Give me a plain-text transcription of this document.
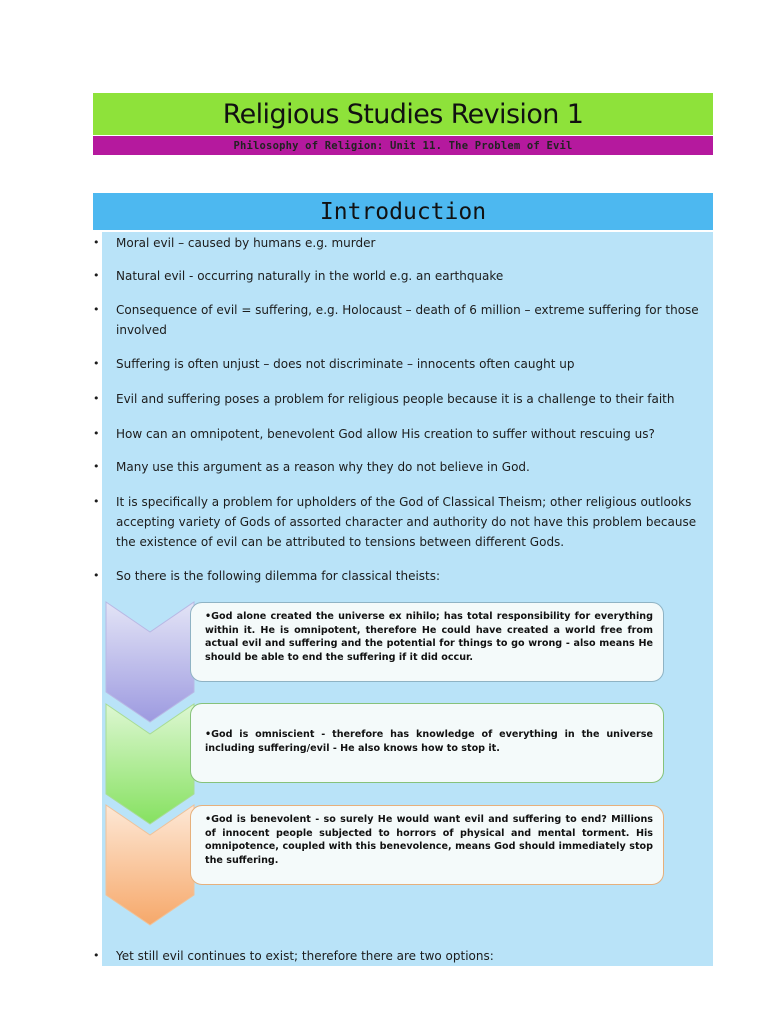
Religious Studies Revision 1
Philosophy of Religion: Unit 11. The Problem of Evil
Introduction
• Moral evil – caused by humans e.g. murder
• Natural evil - occurring naturally in the world e.g. an earthquake
• Consequence of evil = suffering, e.g. Holocaust – death of 6 million – extreme suffering for those involved
• Suffering is often unjust – does not discriminate – innocents often caught up
• Evil and suffering poses a problem for religious people because it is a challenge to their faith
• How can an omnipotent, benevolent God allow His creation to suffer without rescuing us?
• Many use this argument as a reason why they do not believe in God.
• It is specifically a problem for upholders of the God of Classical Theism; other religious outlooks accepting variety of Gods of assorted character and authority do not have this problem because the existence of evil can be attributed to tensions between different Gods.
• So there is the following dilemma for classical theists:
•God alone created the universe ex nihilo; has total responsibility for everything within it. He is omnipotent, therefore He could have created a world free from actual evil and suffering and the potential for things to go wrong - also means He should be able to end the suffering if it did occur.
•God is omniscient - therefore has knowledge of everything in the universe including suffering/evil - He also knows how to stop it.
•God is benevolent - so surely He would want evil and suffering to end? Millions of innocent people subjected to horrors of physical and mental torment. His omnipotence, coupled with this benevolence, means God should immediately stop the suffering.
• Yet still evil continues to exist; therefore there are two options:
